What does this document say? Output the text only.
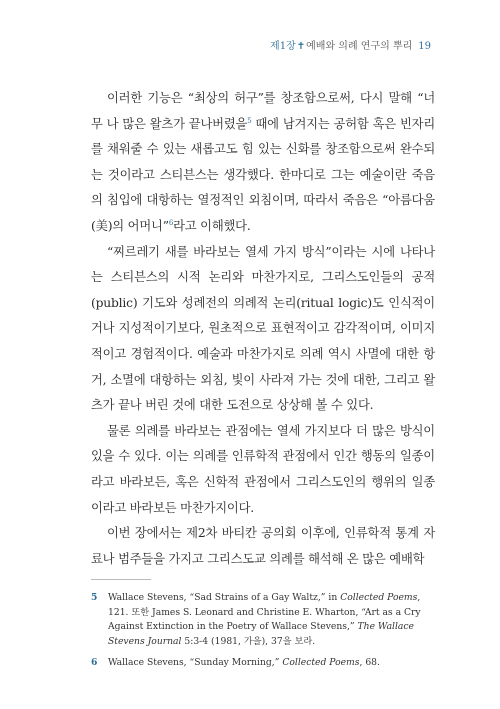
제1장✝예배와 의례 연구의 뿌리 19

이러한 기능은 “최상의 허구”를 창조함으로써, 다시 말해 “너무 나 많은 왈츠가 끝나버렸을$^5$ 때에 남겨지는 공허함 혹은 빈자리를 채워줄 수 있는 새롭고도 힘 있는 신화를 창조함으로써 완수되는 것이라고 스티븐스는 생각했다. 한마디로 그는 예술이란 죽음의 침입에 대항하는 열정적인 외침이며, 따라서 죽음은 “아름다움(美)의 어머니”$^6$라고 이해했다.

“찌르레기 새를 바라보는 열세 가지 방식”이라는 시에 나타나는 스티븐스의 시적 논리와 마찬가지로, 그리스도인들의 공적(public) 기도와 성례전의 의례적 논리(ritual logic)도 인식적이거나 지성적이기보다, 원초적으로 표현적이고 감각적이며, 이미지적이고 경험적이다. 예술과 마찬가지로 의례 역시 사멸에 대한 항거, 소멸에 대항하는 외침, 빛이 사라져 가는 것에 대한, 그리고 왈츠가 끝나 버린 것에 대한 도전으로 상상해 볼 수 있다.

물론 의례를 바라보는 관점에는 열세 가지보다 더 많은 방식이 있을 수 있다. 이는 의례를 인류학적 관점에서 인간 행동의 일종이라고 바라보든, 혹은 신학적 관점에서 그리스도인의 행위의 일종이라고 바라보든 마찬가지이다.

이번 장에서는 제2차 바티칸 공의회 이후에, 인류학적 통계 자료나 범주들을 가지고 그리스도교 의례를 해석해 온 많은 예배학

5 Wallace Stevens, “Sad Strains of a Gay Waltz,” in Collected Poems, 121. 또한 James S. Leonard and Christine E. Wharton, “Art as a Cry Against Extinction in the Poetry of Wallace Stevens,” The Wallace Stevens Journal 5:3-4 (1981, 가을), 37을 보라.
6 Wallace Stevens, “Sunday Morning,” Collected Poems, 68.
